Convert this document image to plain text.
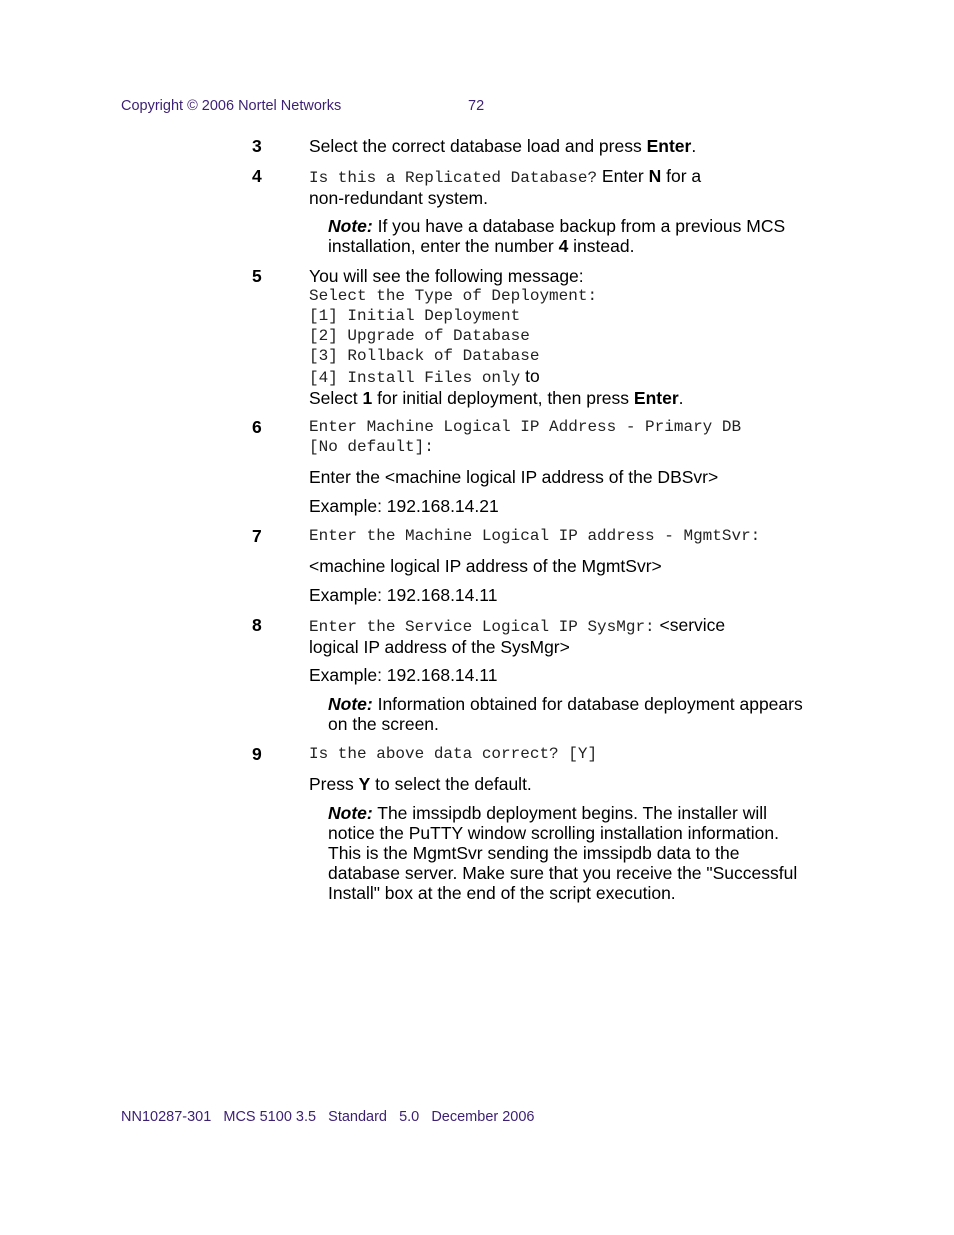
Copyright © 2006 Nortel Networks	72
3	Select the correct database load and press Enter.
4	Is this a Replicated Database? Enter N for a
non-redundant system.
Note: If you have a database backup from a previous MCS
installation, enter the number 4 instead.
5	You will see the following message:
Select the Type of Deployment:
[1] Initial Deployment
[2] Upgrade of Database
[3] Rollback of Database
[4] Install Files only to
Select 1 for initial deployment, then press Enter.
6	Enter Machine Logical IP Address - Primary DB
[No default]:
Enter the <machine logical IP address of the DBSvr>
Example: 192.168.14.21
7	Enter the Machine Logical IP address - MgmtSvr:
<machine logical IP address of the MgmtSvr>
Example: 192.168.14.11
8	Enter the Service Logical IP SysMgr: <service
logical IP address of the SysMgr>
Example: 192.168.14.11
Note: Information obtained for database deployment appears
on the screen.
9	Is the above data correct? [Y]
Press Y to select the default.
Note: The imssipdb deployment begins. The installer will
notice the PuTTY window scrolling installation information.
This is the MgmtSvr sending the imssipdb data to the
database server. Make sure that you receive the "Successful
Install" box at the end of the script execution.
NN10287-301   MCS 5100 3.5   Standard   5.0   December 2006
